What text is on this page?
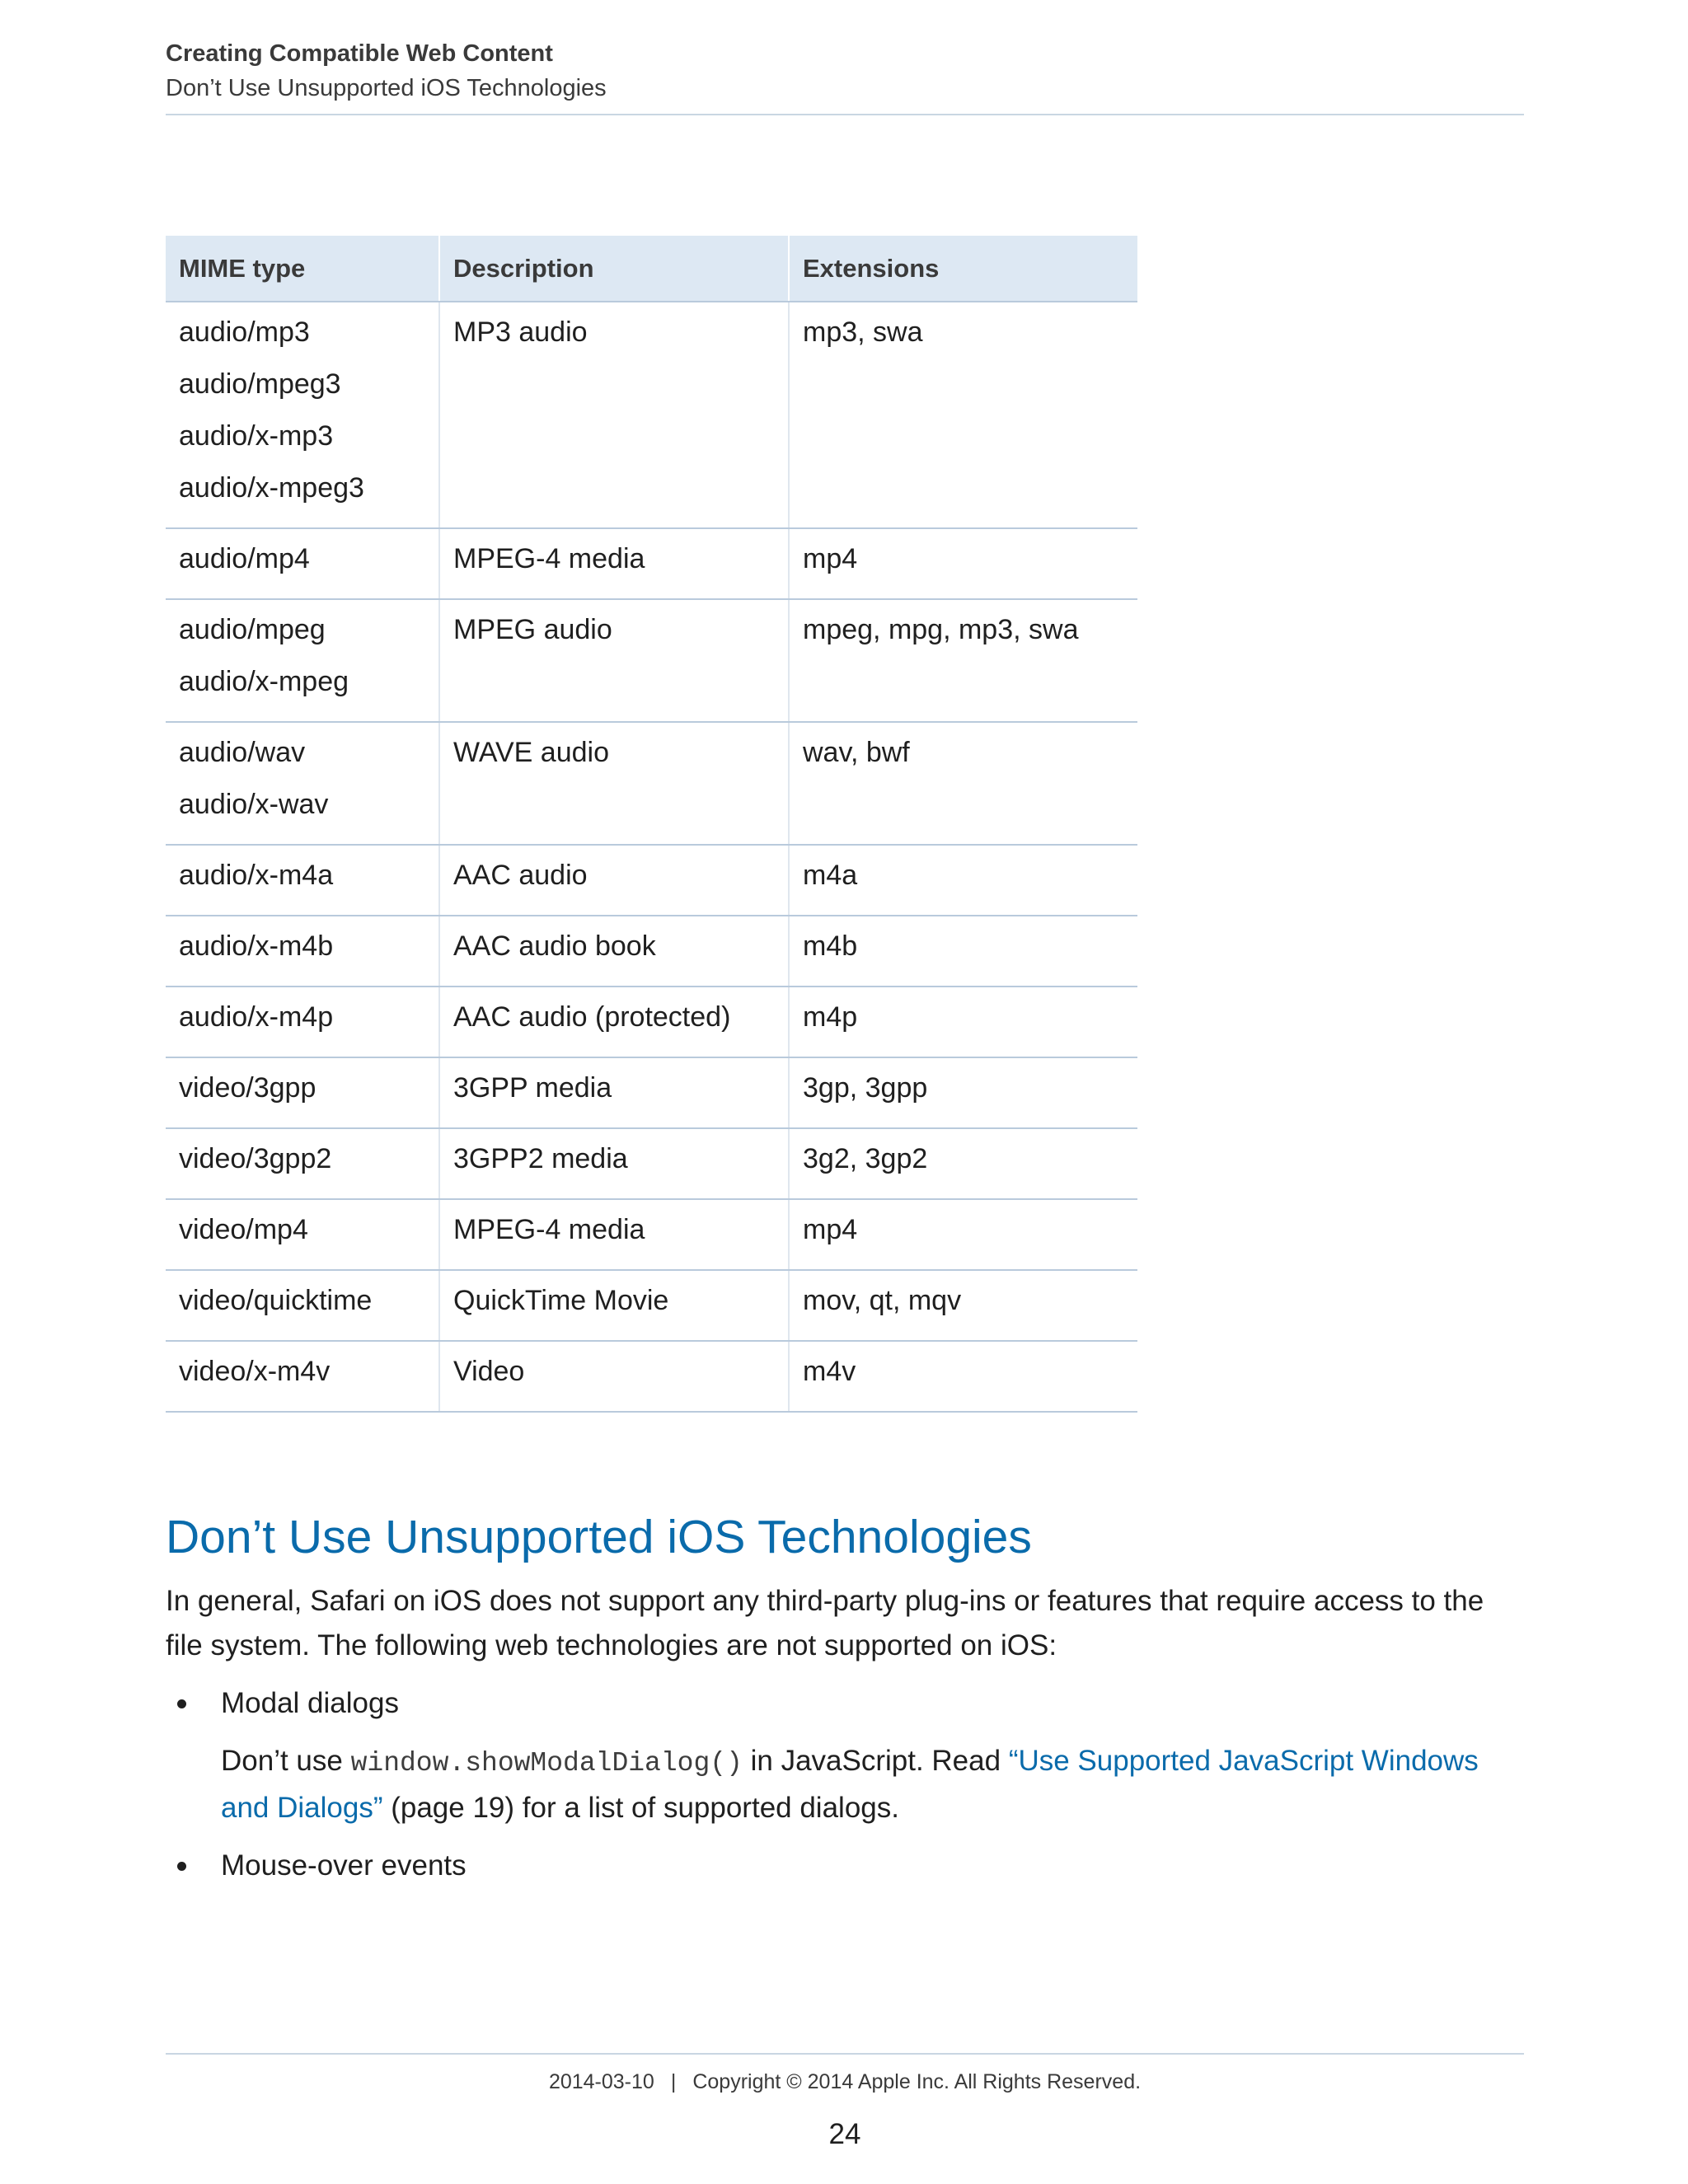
Creating Compatible Web Content
Don’t Use Unsupported iOS Technologies
MIME type	Description	Extensions

audio/mp3
audio/mpeg3
audio/x-mp3
audio/x-mpeg3	MP3 audio	mp3, swa

audio/mp4	MPEG-4 media	mp4

audio/mpeg
audio/x-mpeg	MPEG audio	mpeg, mpg, mp3, swa

audio/wav
audio/x-wav	WAVE audio	wav, bwf

audio/x-m4a	AAC audio	m4a

audio/x-m4b	AAC audio book	m4b

audio/x-m4p	AAC audio (protected)	m4p

video/3gpp	3GPP media	3gp, 3gpp

video/3gpp2	3GPP2 media	3g2, 3gp2

video/mp4	MPEG-4 media	mp4

video/quicktime	QuickTime Movie	mov, qt, mqv

video/x-m4v	Video	m4v
Don’t Use Unsupported iOS Technologies

In general, Safari on iOS does not support any third-party plug-ins or features that require access to the file system. The following web technologies are not supported on iOS:

Modal dialogs

Don’t use window.showModalDialog() in JavaScript. Read “Use Supported JavaScript Windows and Dialogs” (page 19) for a list of supported dialogs.

Mouse-over events
2014-03-10 | Copyright © 2014 Apple Inc. All Rights Reserved.
24
